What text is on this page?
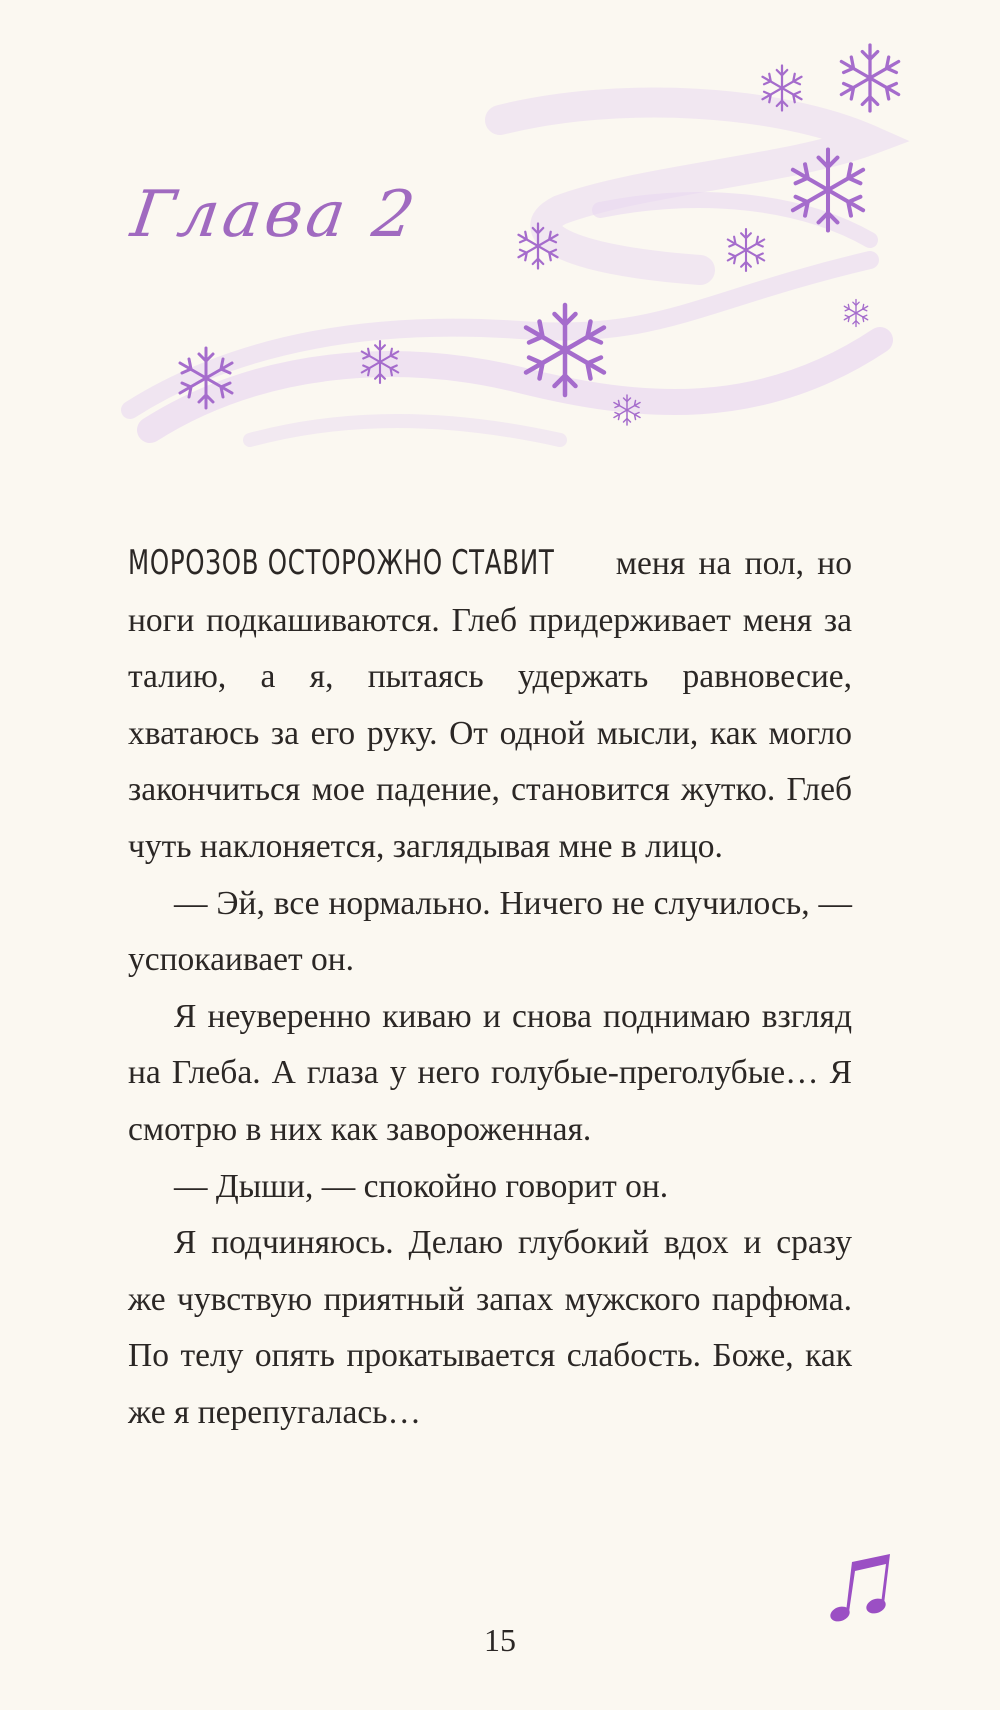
Глава 2

МОРОЗОВ ОСТОРОЖНО СТАВИТ меня на пол, но ноги подкашиваются. Глеб придерживает меня за талию, а я, пытаясь удержать равновесие, хватаюсь за его руку. От одной мысли, как могло закончиться мое падение, становится жутко. Глеб чуть наклоняется, заглядывая мне в лицо.

— Эй, все нормально. Ничего не случилось, — успокаивает он.

Я неуверенно киваю и снова поднимаю взгляд на Глеба. А глаза у него голубые-преголубые… Я смотрю в них как завороженная.

— Дыши, — спокойно говорит он.

Я подчиняюсь. Делаю глубокий вдох и сразу же чувствую приятный запах мужского парфюма. По телу опять прокатывается слабость. Боже, как же я перепугалась…

15
